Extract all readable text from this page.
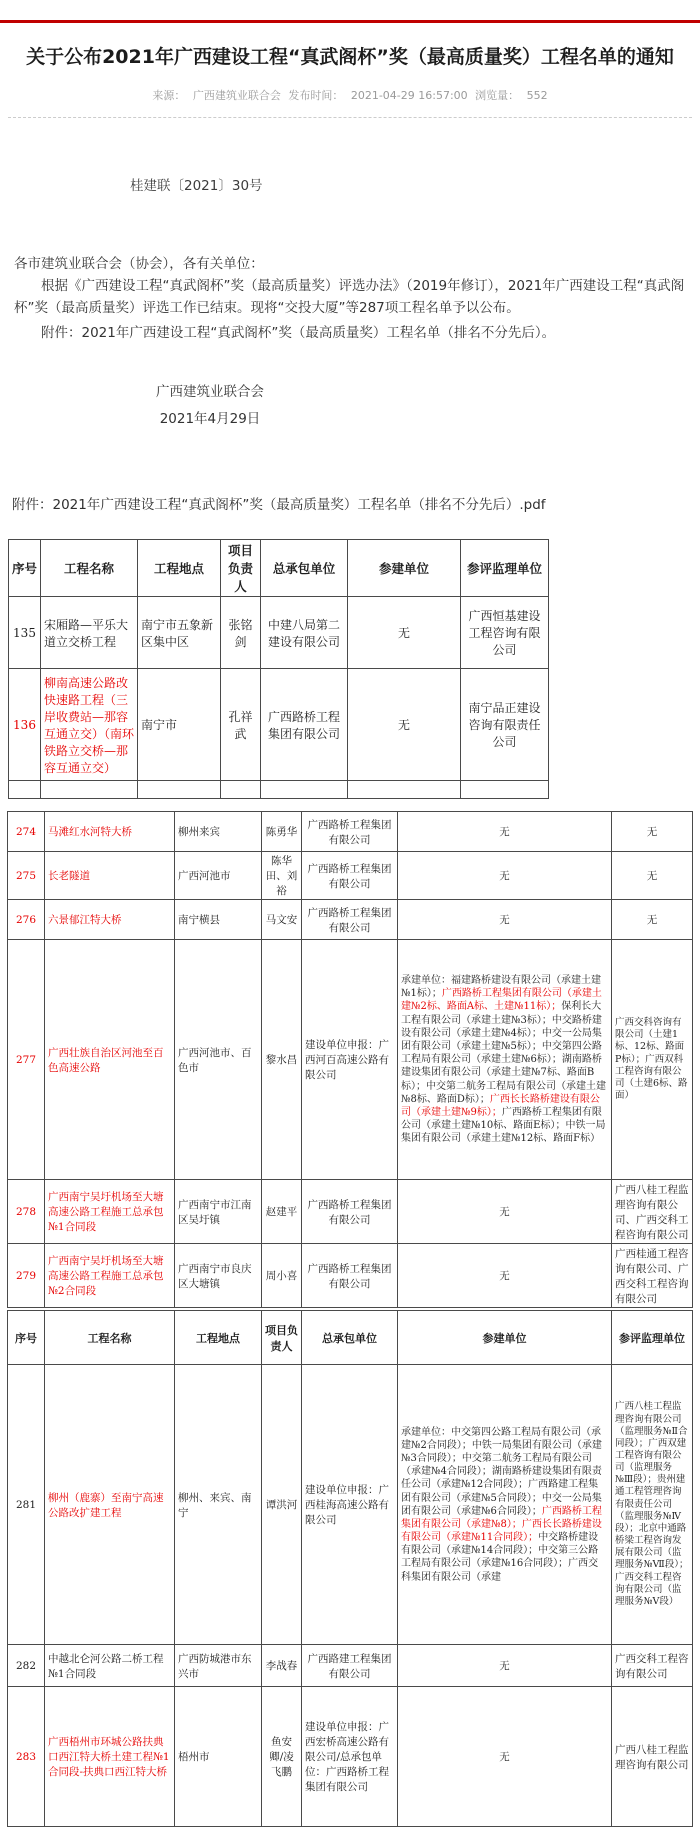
关于公布2021年广西建设工程“真武阁杯”奖（最高质量奖）工程名单的通知
来源： 广西建筑业联合会 发布时间： 2021-04-29 16:57:00 浏览量： 552
桂建联〔2021〕30号
各市建筑业联合会（协会），各有关单位：
根据《广西建设工程“真武阁杯”奖（最高质量奖）评选办法》（2019年修订），2021年广西建设工程“真武阁杯”奖（最高质量奖）评选工作已结束。现将“交投大厦”等287项工程名单予以公布。
附件：2021年广西建设工程“真武阁杯”奖（最高质量奖）工程名单（排名不分先后）。
广西建筑业联合会
2021年4月29日
附件：2021年广西建设工程“真武阁杯”奖（最高质量奖）工程名单（排名不分先后）.pdf
序号	工程名称	工程地点	项目负责人	总承包单位	参建单位	参评监理单位
135	宋厢路—平乐大道立交桥工程	南宁市五象新区集中区	张铭剑	中建八局第二建设有限公司	无	广西恒基建设工程咨询有限公司
136	柳南高速公路改快速路工程（三岸收费站—那容互通立交）（南环铁路立交桥—那容互通立交）	南宁市	孔祥武	广西路桥工程集团有限公司	无	南宁品正建设咨询有限责任公司

274	马滩红水河特大桥	柳州来宾	陈勇华	广西路桥工程集团有限公司	无	无
275	长老隧道	广西河池市	陈华田、刘裕	广西路桥工程集团有限公司	无	无
276	六景郁江特大桥	南宁横县	马文安	广西路桥工程集团有限公司	无	无
277	广西壮族自治区河池至百色高速公路	广西河池市、百色市	黎水昌	建设单位申报：广西河百高速公路有限公司	承建单位：福建路桥建设有限公司（承建土建№1标）；广西路桥工程集团有限公司（承建土建№2标、路面A标、土建№11标）；保利长大工程有限公司（承建土建№3标）；中交路桥建设有限公司（承建土建№4标）；中交一公局集团有限公司（承建土建№5标）；中交第四公路工程局有限公司（承建土建№6标）；湖南路桥建设集团有限公司（承建土建№7标、路面B标）；中交第二航务工程局有限公司（承建土建№8标、路面D标）；广西长长路桥建设有限公司（承建土建№9标）；广西路桥工程集团有限公司（承建土建№10标、路面E标）；中铁一局集团有限公司（承建土建№12标、路面F标）	广西交科咨询有限公司（土建1标、12标、路面P标）；广西双科工程咨询有限公司（土建6标、路面）
278	广西南宁吴圩机场至大塘高速公路工程施工总承包№1合同段	广西南宁市江南区吴圩镇	赵建平	广西路桥工程集团有限公司	无	广西八桂工程监理咨询有限公司、广西交科工程咨询有限公司
279	广西南宁吴圩机场至大塘高速公路工程施工总承包№2合同段	广西南宁市良庆区大塘镇	周小喜	广西路桥工程集团有限公司	无	广西桂通工程咨询有限公司、广西交科工程咨询有限公司
序号	工程名称	工程地点	项目负责人	总承包单位	参建单位	参评监理单位
281	柳州（鹿寨）至南宁高速公路改扩建工程	柳州、来宾、南宁	谭洪河	建设单位申报：广西桂海高速公路有限公司	承建单位：中交第四公路工程局有限公司（承建№2合同段）；中铁一局集团有限公司（承建№3合同段）；中交第二航务工程局有限公司（承建№4合同段）；湖南路桥建设集团有限责任公司（承建№12合同段）；广西路建工程集团有限公司（承建№5合同段）；中交一公局集团有限公司（承建№6合同段）；广西路桥工程集团有限公司（承建№8）；广西长长路桥建设有限公司（承建№11合同段）；中交路桥建设有限公司（承建№14合同段）；中交第三公路工程局有限公司（承建№16合同段）；广西交科集团有限公司（承建	广西八桂工程监理咨询有限公司（监理服务№Ⅱ合同段）；广西双建工程咨询有限公司（监理服务№Ⅲ段）；贵州建通工程管理咨询有限责任公司（监理服务№Ⅳ段）；北京中通路桥梁工程咨询发展有限公司（监理服务№Ⅶ段）；广西交科工程咨询有限公司（监理服务№Ⅴ段）
282	中越北仑河公路二桥工程№1合同段	广西防城港市东兴市	李战春	广西路建工程集团有限公司	无	广西交科工程咨询有限公司
283	广西梧州市环城公路扶典口西江特大桥土建工程№1合同段-扶典口西江特大桥	梧州市	鱼安卿/凌飞鹏	建设单位申报：广西宏桥高速公路有限公司/总承包单位：广西路桥工程集团有限公司	无	广西八桂工程监理咨询有限公司
